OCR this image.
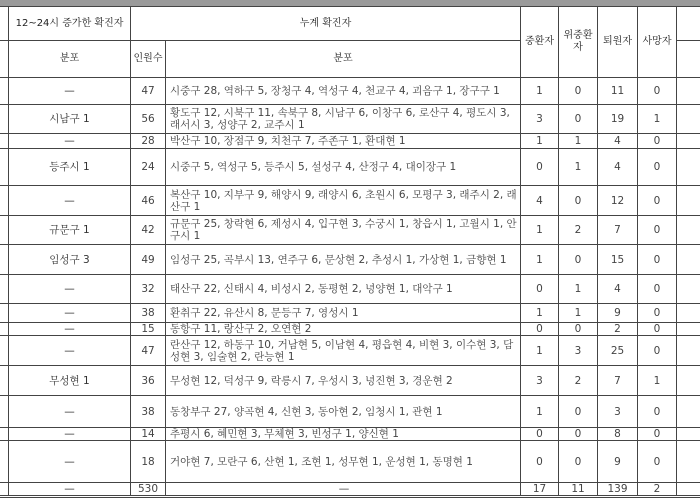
	12~24시 증가한 확진자	누계 확진자		중환자	위중환자	퇴원자	사망자	
	분포	인원수	분포					
	—	47	시중구 28, 역하구 5, 장청구 4, 역성구 4, 천교구 4, 괴음구 1, 장구구 1	1	0	11	0	
	시남구 1	56	황도구 12, 시북구 11, 속북구 8, 시남구 6, 이창구 6, 로산구 4, 평도시 3, 래서시 3, 성양구 2, 교주시 1	3	0	19	1	
	—	28	박산구 10, 장점구 9, 치천구 7, 주존구 1, 환대현 1	1	1	4	0	
	등주시 1	24	시중구 5, 역성구 5, 등주시 5, 설성구 4, 산정구 4, 대이장구 1	0	1	4	0	
	—	46	복산구 10, 지부구 9, 해양시 9, 래양시 6, 초원시 6, 모평구 3, 래주시 2, 래산구 1	4	0	12	0	
	규문구 1	42	규문구 25, 창락현 6, 제성시 4, 입구현 3, 수궁시 1, 창읍시 1, 고월시 1, 안구시 1	1	2	7	0	
	임성구 3	49	임성구 25, 곡부시 13, 연주구 6, 문상현 2, 추성시 1, 가상현 1, 금향현 1	1	0	15	0	
	—	32	태산구 22, 신태시 4, 비성시 2, 동평현 2, 녕양현 1, 대악구 1	0	1	4	0	
	—	38	환취구 22, 유산시 8, 문등구 7, 영성시 1	1	1	9	0	
	—	15	동항구 11, 랑산구 2, 오연현 2	0	0	2	0	
	—	47	란산구 12, 하동구 10, 거남현 5, 이남현 4, 평읍현 4, 비현 3, 이수현 3, 담성현 3, 임술현 2, 란능현 1	1	3	25	0	
	무성현 1	36	무성현 12, 덕성구 9, 락릉시 7, 우성시 3, 녕진현 3, 경운현 2	3	2	7	1	
	—	38	동창부구 27, 양곡현 4, 신현 3, 동아현 2, 임청시 1, 관현 1	1	0	3	0	
	—	14	추평시 6, 혜민현 3, 무체현 3, 빈성구 1, 양신현 1	0	0	8	0	
	—	18	거야현 7, 모란구 6, 산현 1, 조현 1, 성무현 1, 운성현 1, 동명현 1	0	0	9	0	
	—	530	—	17	11	139	2	
